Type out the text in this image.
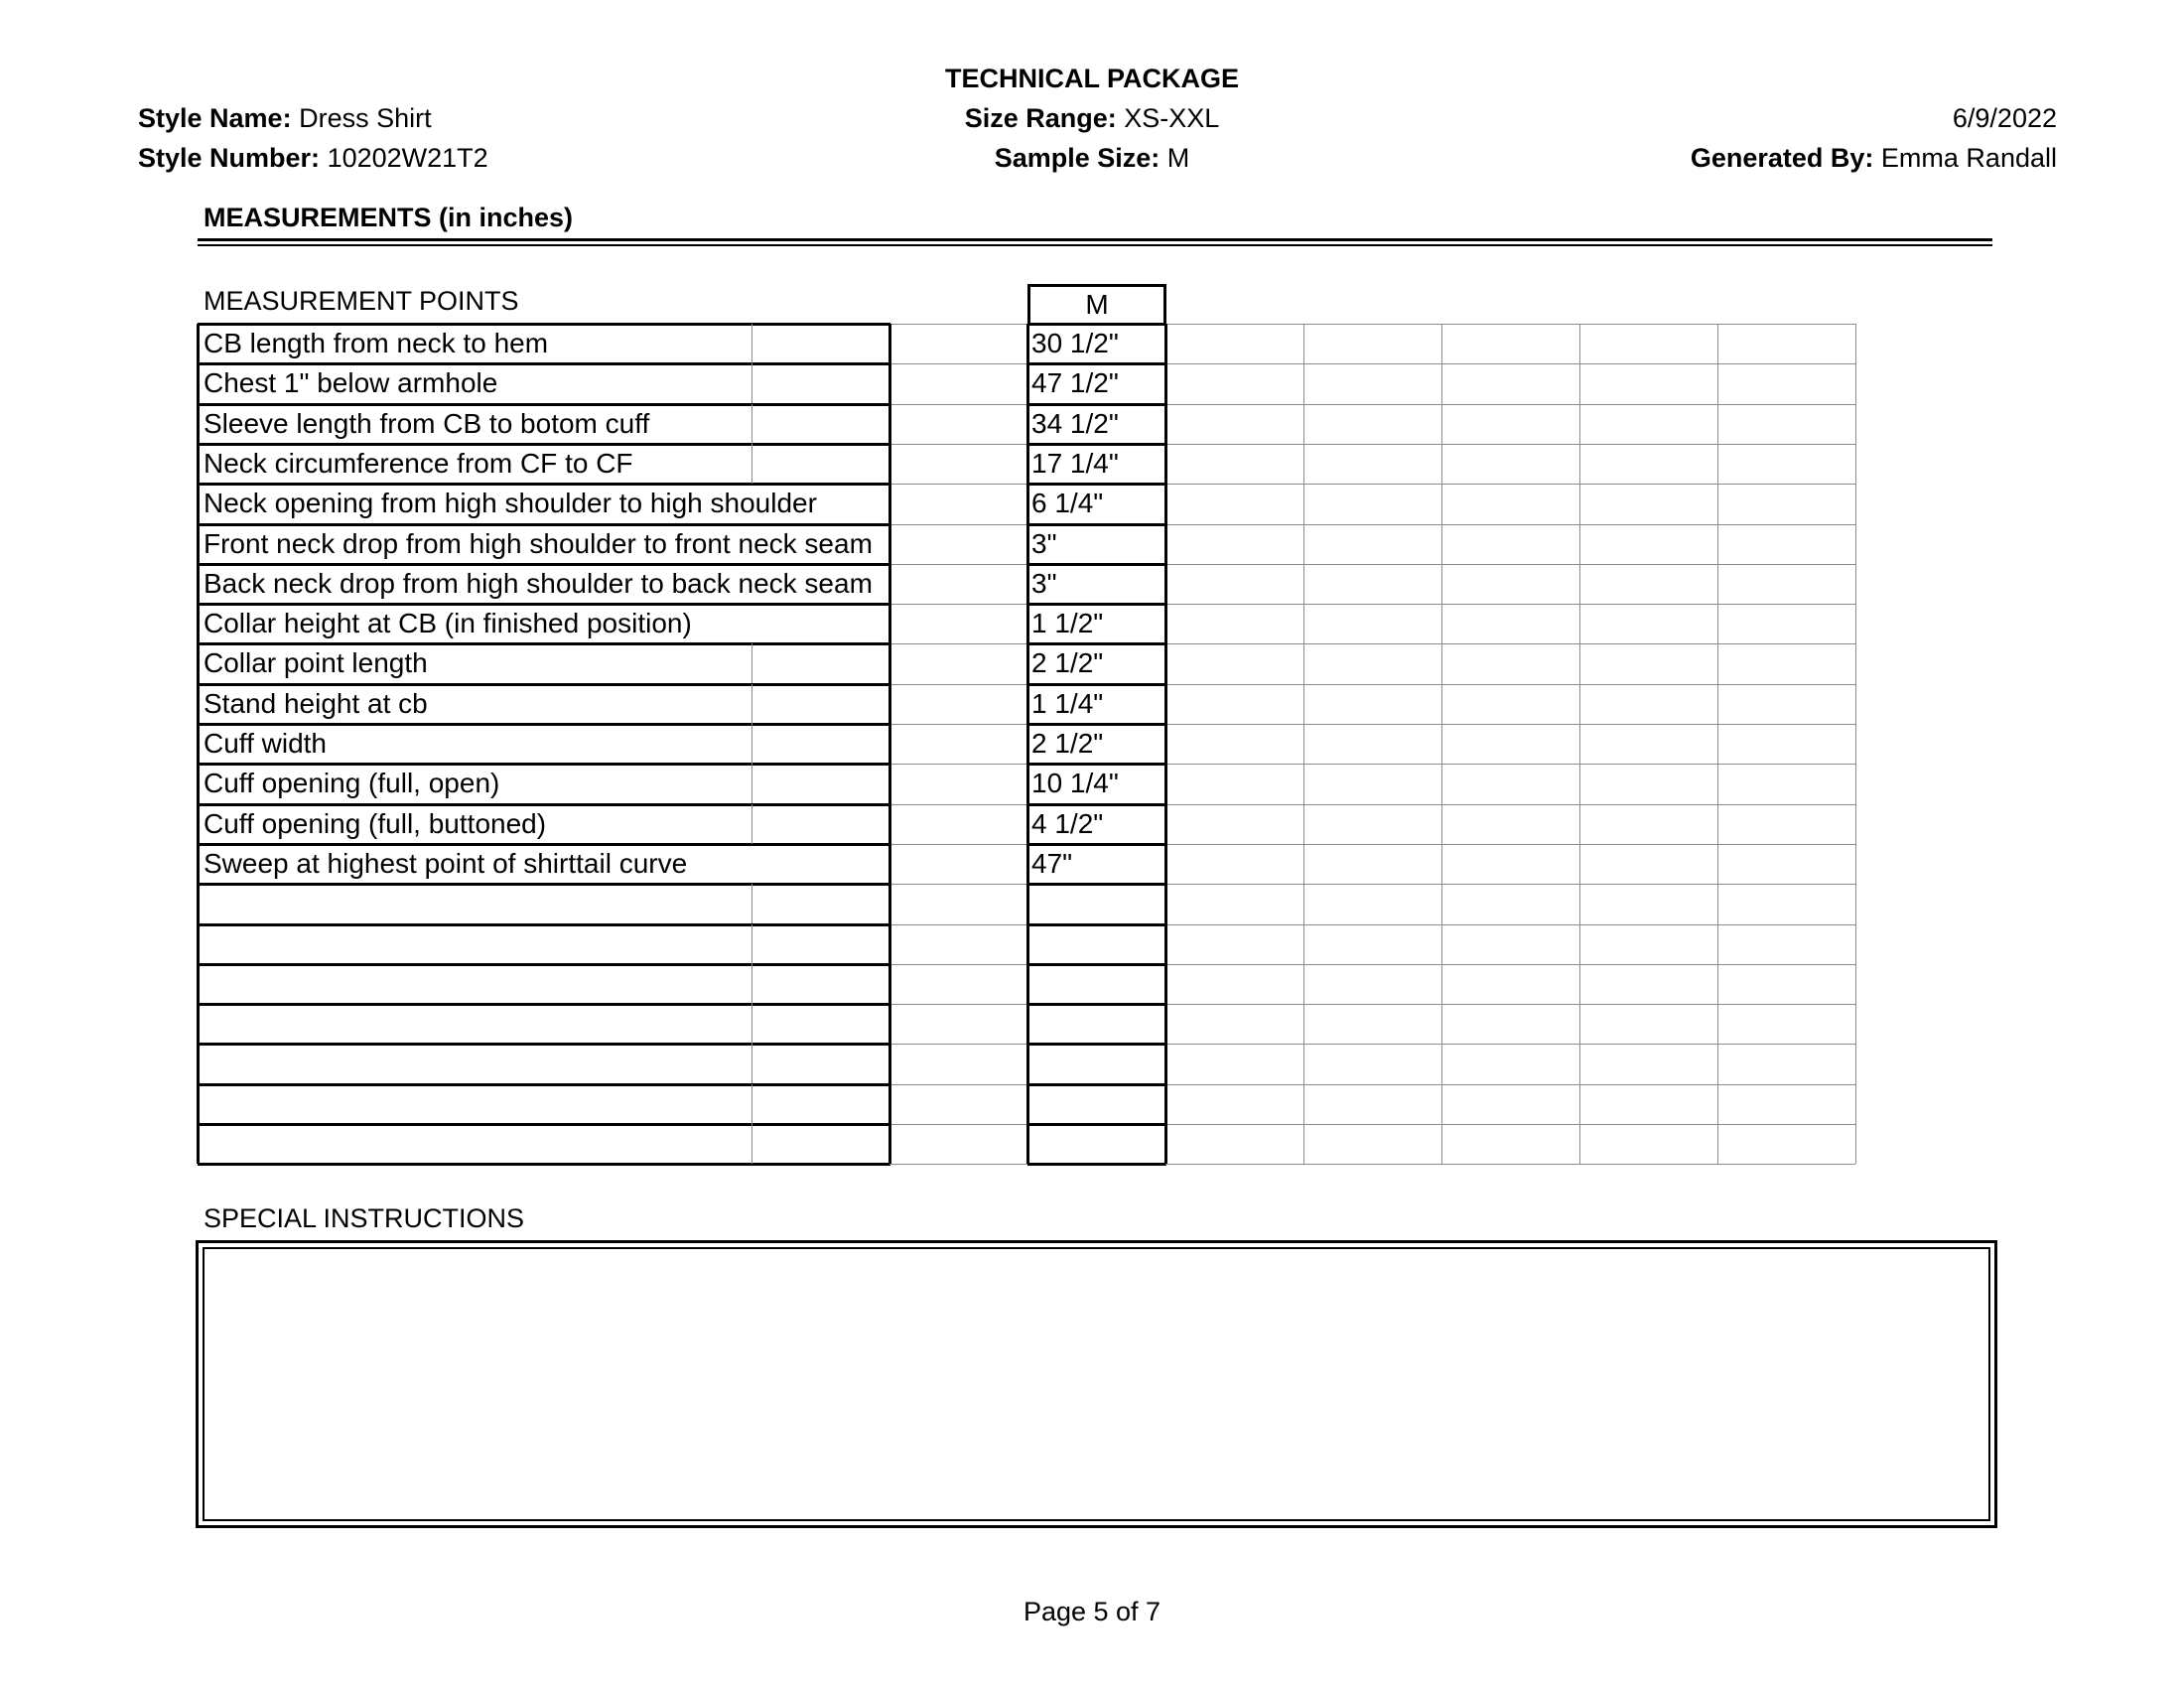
TECHNICAL PACKAGE
Style Name: Dress Shirt
Style Number: 10202W21T2
Size Range: XS-XXL
Sample Size: M
6/9/2022
Generated By: Emma Randall
MEASUREMENTS (in inches)
MEASUREMENT POINTS	M
CB length from neck to hem	30 1/2"
Chest 1" below armhole	47 1/2"
Sleeve length from CB to botom cuff	34 1/2"
Neck circumference from CF to CF	17 1/4"
Neck opening from high shoulder to high shoulder	6 1/4"
Front neck drop from high shoulder to front neck seam	3"
Back neck drop from high shoulder to back neck seam	3"
Collar height at CB (in finished position)	1 1/2"
Collar point length	2 1/2"
Stand height at cb	1 1/4"
Cuff width	2 1/2"
Cuff opening (full, open)	10 1/4"
Cuff opening (full, buttoned)	4 1/2"
Sweep at highest point of shirttail curve	47"
SPECIAL INSTRUCTIONS
Page 5 of 7
